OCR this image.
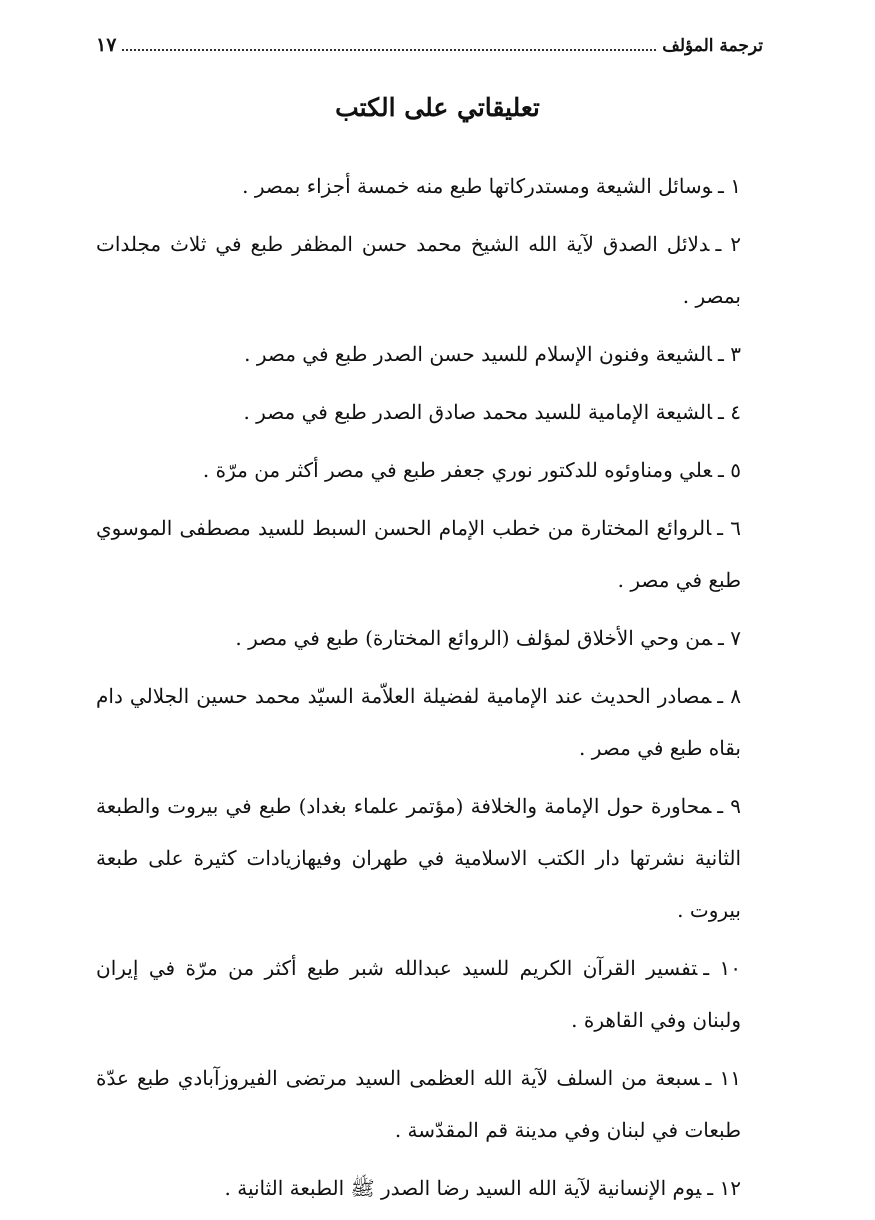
ترجمة المؤلف
١٧
تعليقاتي على الكتب

١ ـوسائل الشيعة ومستدركاتها طبع منه خمسة أجزاء بمصر .

٢ ـدلائل الصدق لآية الله الشيخ محمد حسن المظفر طبع في ثلاث مجلدات بمصر .

٣ ـالشيعة وفنون الإسلام للسيد حسن الصدر طبع في مصر .

٤ ـالشيعة الإمامية للسيد محمد صادق الصدر طبع في مصر .

٥ ـعلي ومناوئوه للدكتور نوري جعفر طبع في مصر أكثر من مرّة .

٦ ـالروائع المختارة من خطب الإمام الحسن السبط للسيد مصطفى الموسوي طبع في مصر .

٧ ـمن وحي الأخلاق لمؤلف (الروائع المختارة) طبع في مصر .

٨ ـمصادر الحديث عند الإمامية لفضيلة العلاّمة السيّد محمد حسين الجلالي دام بقاه طبع في مصر .

٩ ـمحاورة حول الإمامة والخلافة (مؤتمر علماء بغداد) طبع في بيروت والطبعة الثانية نشرتها دار الكتب الاسلامية في طهران وفيهازيادات كثيرة على طبعة بيروت .

١٠ ـتفسير القرآن الكريم للسيد عبدالله شبر طبع أكثر من مرّة في إيران ولبنان وفي القاهرة .

١١ ـسبعة من السلف لآية الله العظمى السيد مرتضى الفيروزآبادي طبع عدّة طبعات في لبنان وفي مدينة قم المقدّسة .

١٢ ـيوم الإنسانية لآية الله السيد رضا الصدر ﷺ الطبعة الثانية .
